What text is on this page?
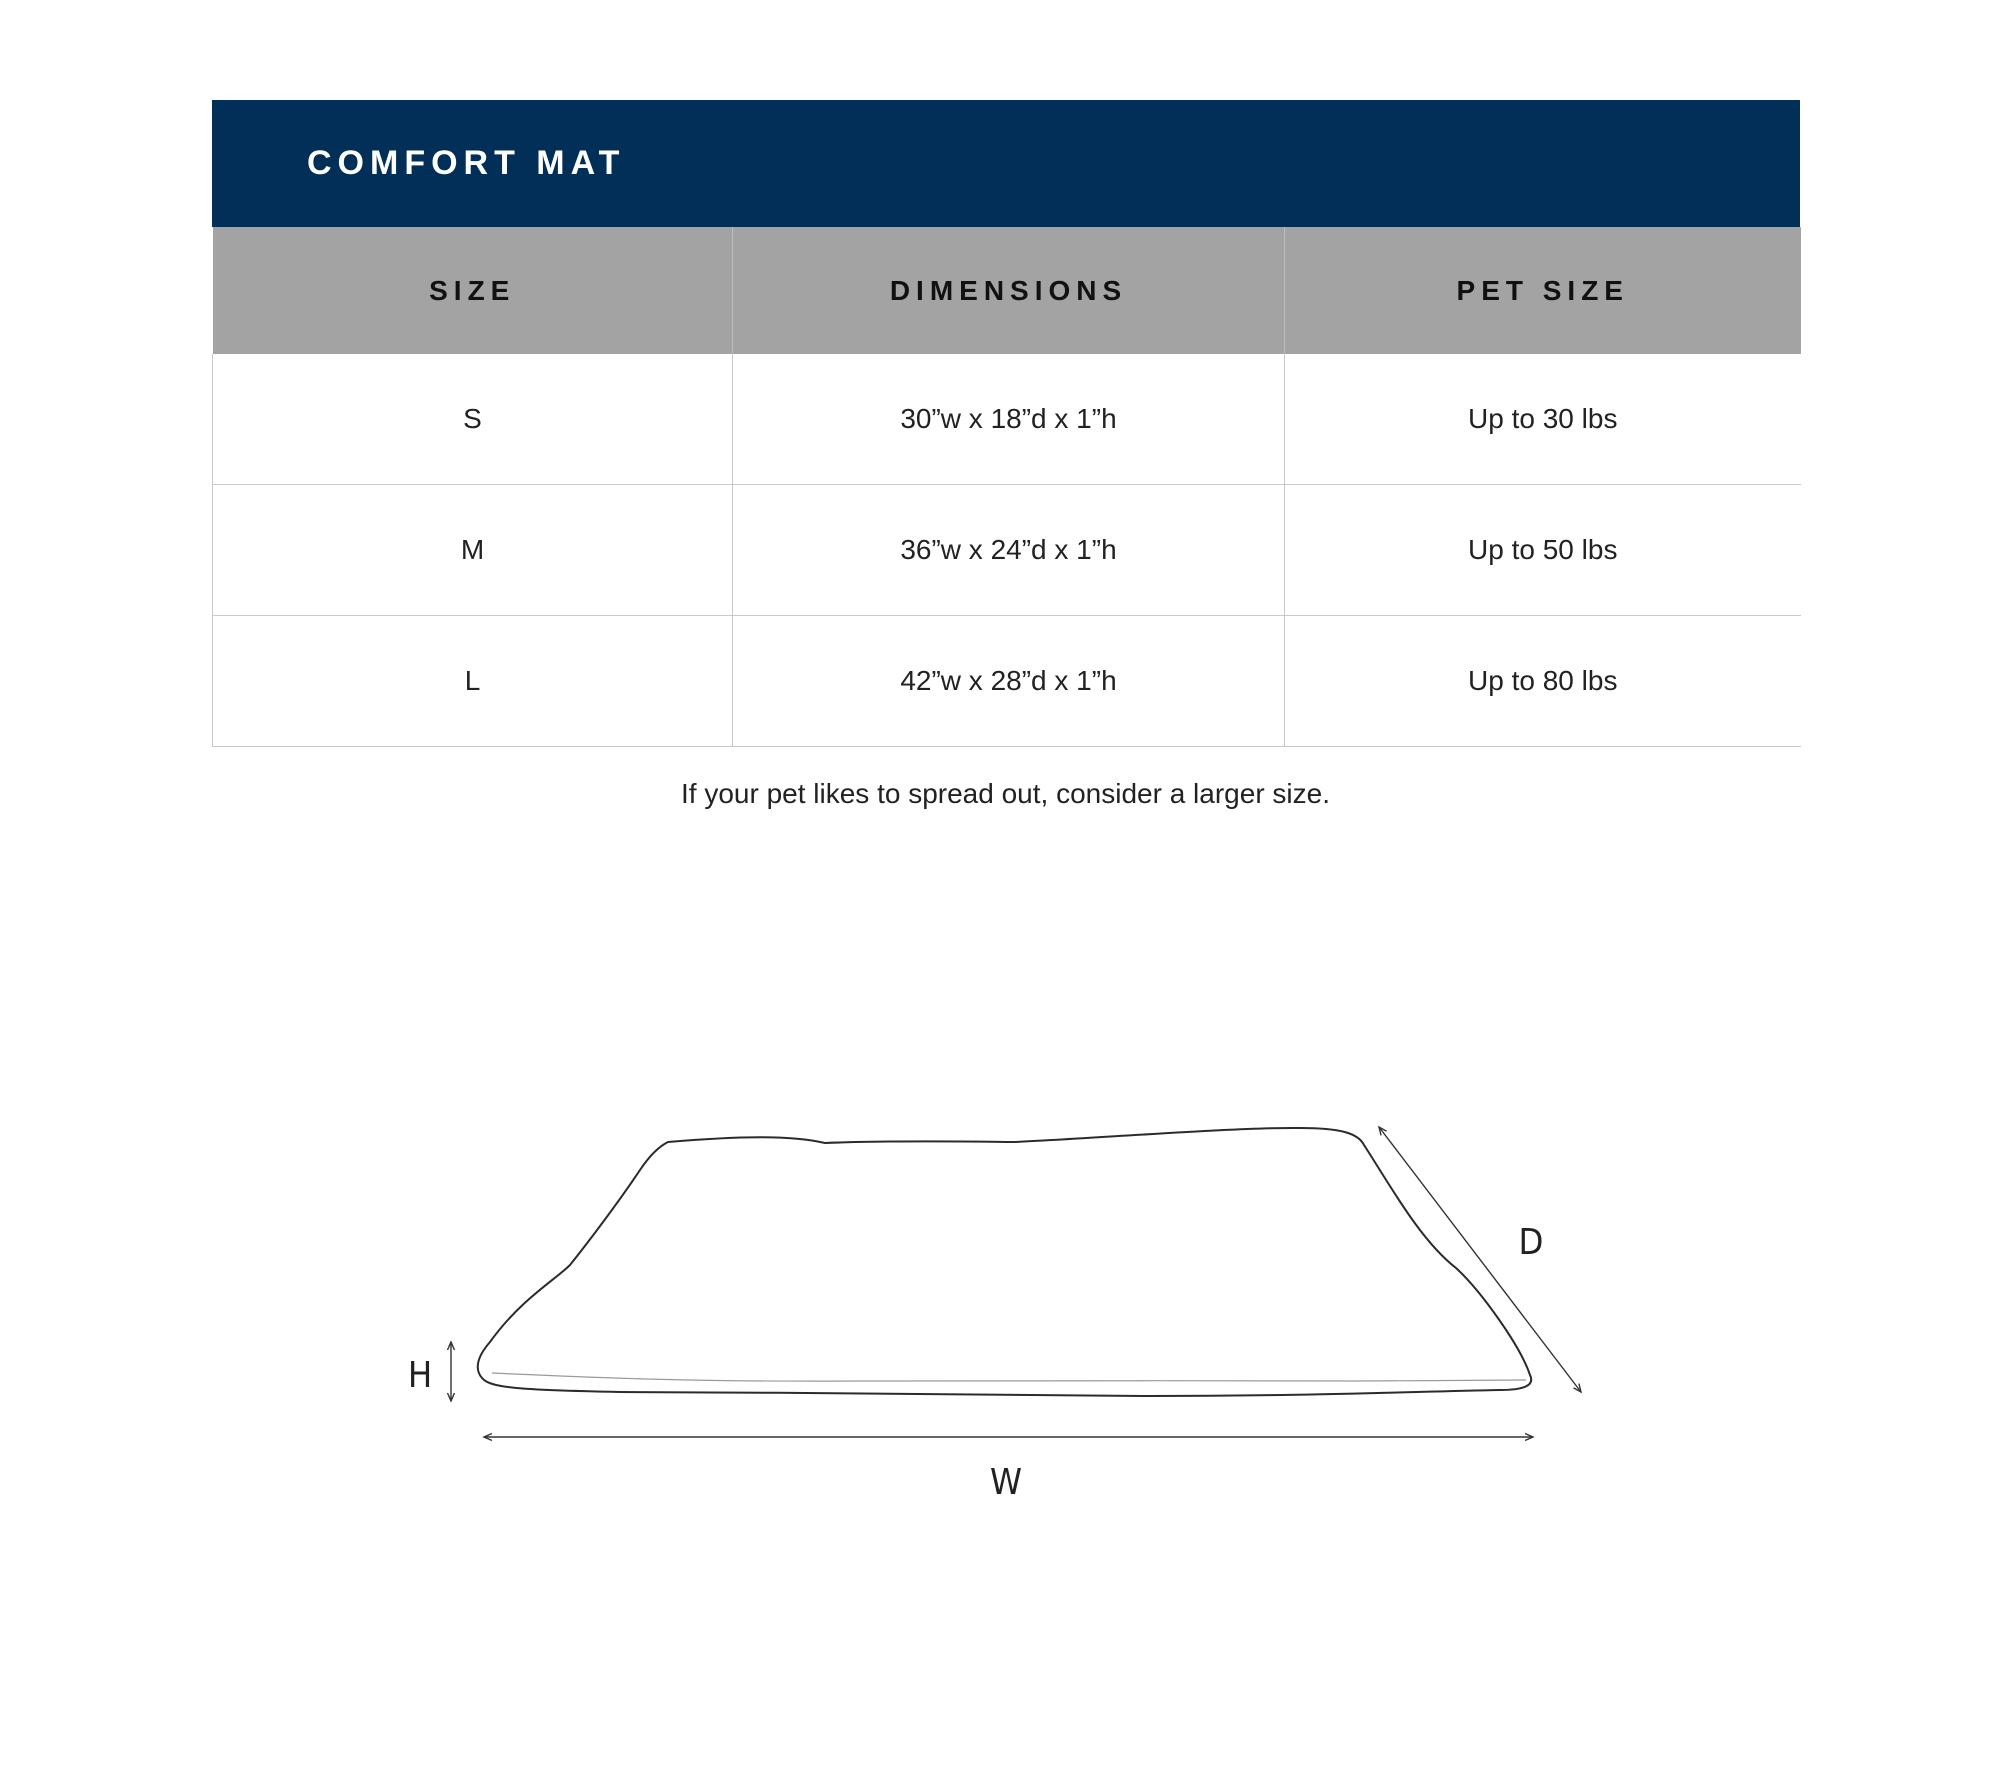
COMFORT MAT
SIZE	DIMENSIONS	PET SIZE
S	30”w x 18”d x 1”h	Up to 30 lbs
M	36”w x 24”d x 1”h	Up to 50 lbs
L	42”w x 28”d x 1”h	Up to 80 lbs
If your pet likes to spread out, consider a larger size.
H
W
D
